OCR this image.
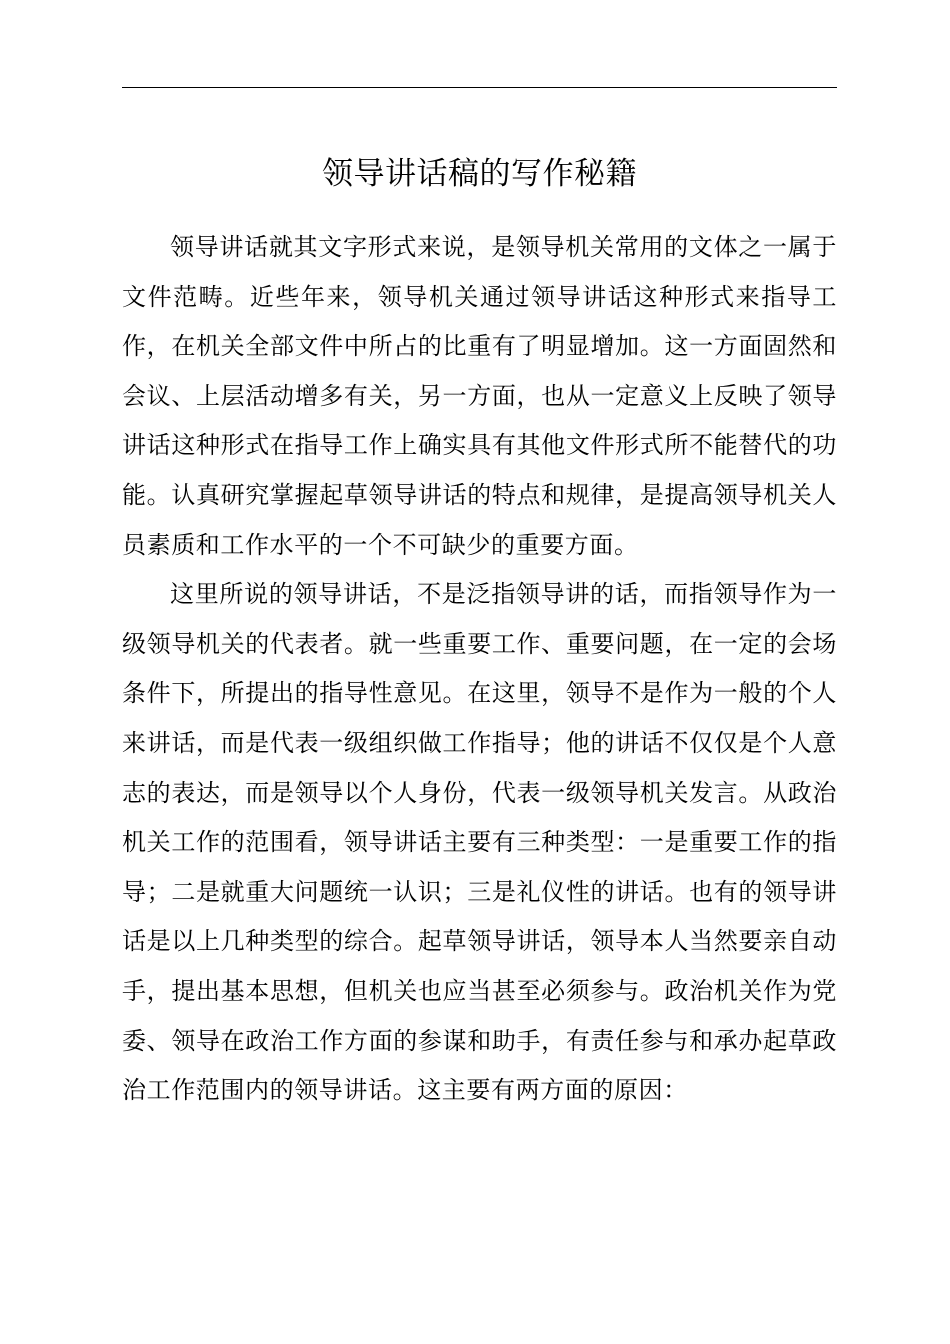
领导讲话稿的写作秘籍

领导讲话就其文字形式来说，是领导机关常用的文体之一属于文件范畴。近些年来，领导机关通过领导讲话这种形式来指导工作，在机关全部文件中所占的比重有了明显增加。这一方面固然和会议、上层活动增多有关，另一方面，也从一定意义上反映了领导讲话这种形式在指导工作上确实具有其他文件形式所不能替代的功能。认真研究掌握起草领导讲话的特点和规律，是提高领导机关人员素质和工作水平的一个不可缺少的重要方面。

这里所说的领导讲话，不是泛指领导讲的话，而指领导作为一级领导机关的代表者。就一些重要工作、重要问题，在一定的会场条件下，所提出的指导性意见。在这里，领导不是作为一般的个人来讲话，而是代表一级组织做工作指导；他的讲话不仅仅是个人意志的表达，而是领导以个人身份，代表一级领导机关发言。从政治机关工作的范围看，领导讲话主要有三种类型：一是重要工作的指导；二是就重大问题统一认识；三是礼仪性的讲话。也有的领导讲话是以上几种类型的综合。起草领导讲话，领导本人当然要亲自动手，提出基本思想，但机关也应当甚至必须参与。政治机关作为党委、领导在政治工作方面的参谋和助手，有责任参与和承办起草政治工作范围内的领导讲话。这主要有两方面的原因：
